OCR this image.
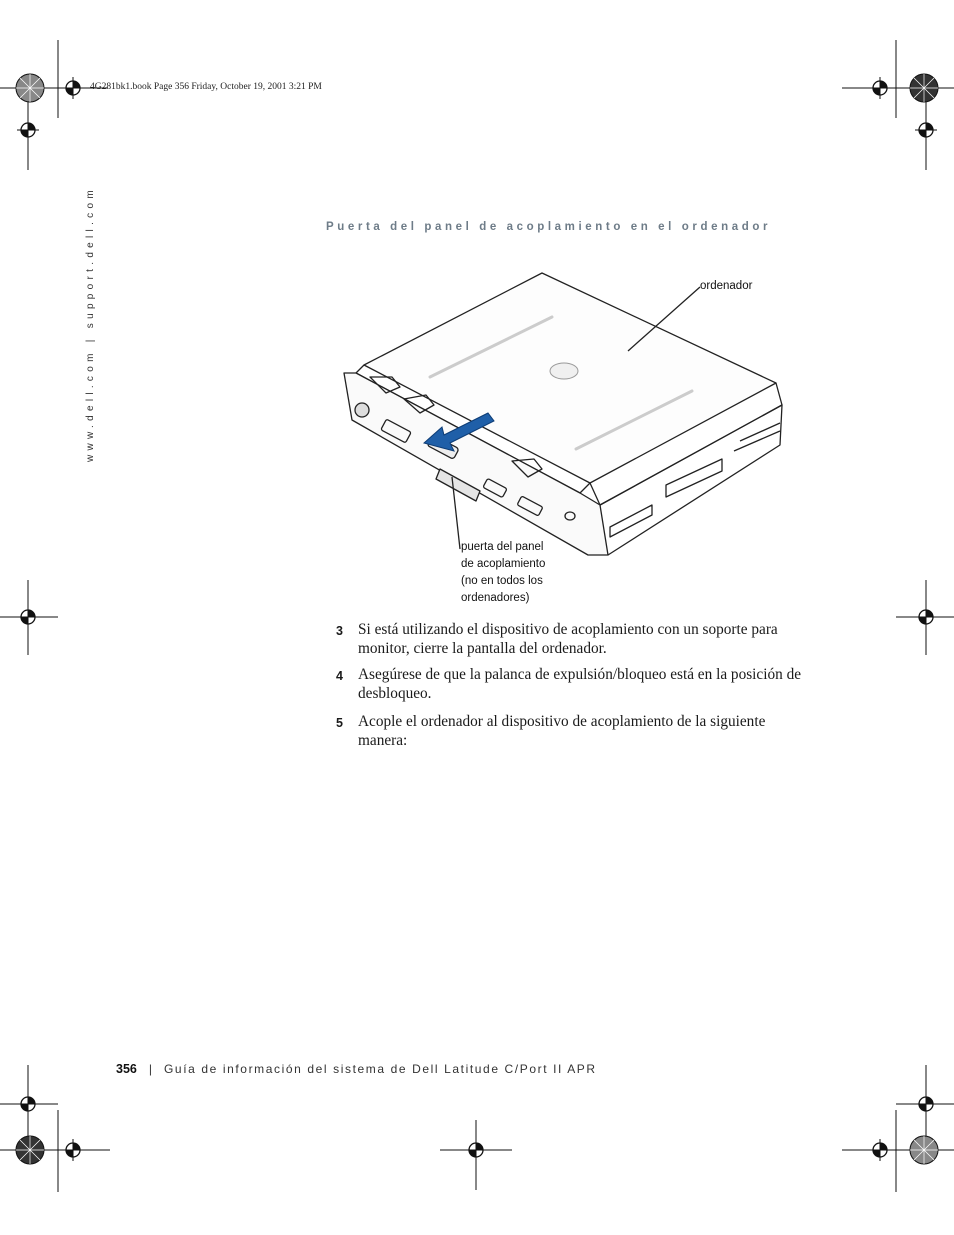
4G281bk1.book Page 356 Friday, October 19, 2001 3:21 PM
www.dell.com | support.dell.com	Puerta del panel de acoplamiento en el ordenador
ordenador
puerta del panel
de acoplamiento
(no en todos los
ordenadores)
3 Si está utilizando el dispositivo de acoplamiento con un soporte para monitor, cierre la pantalla del ordenador.
4 Asegúrese de que la palanca de expulsión/bloqueo está en la posición de desbloqueo.
5 Acople el ordenador al dispositivo de acoplamiento de la siguiente manera:
356 | Guía de información del sistema de Dell Latitude C/Port II APR
